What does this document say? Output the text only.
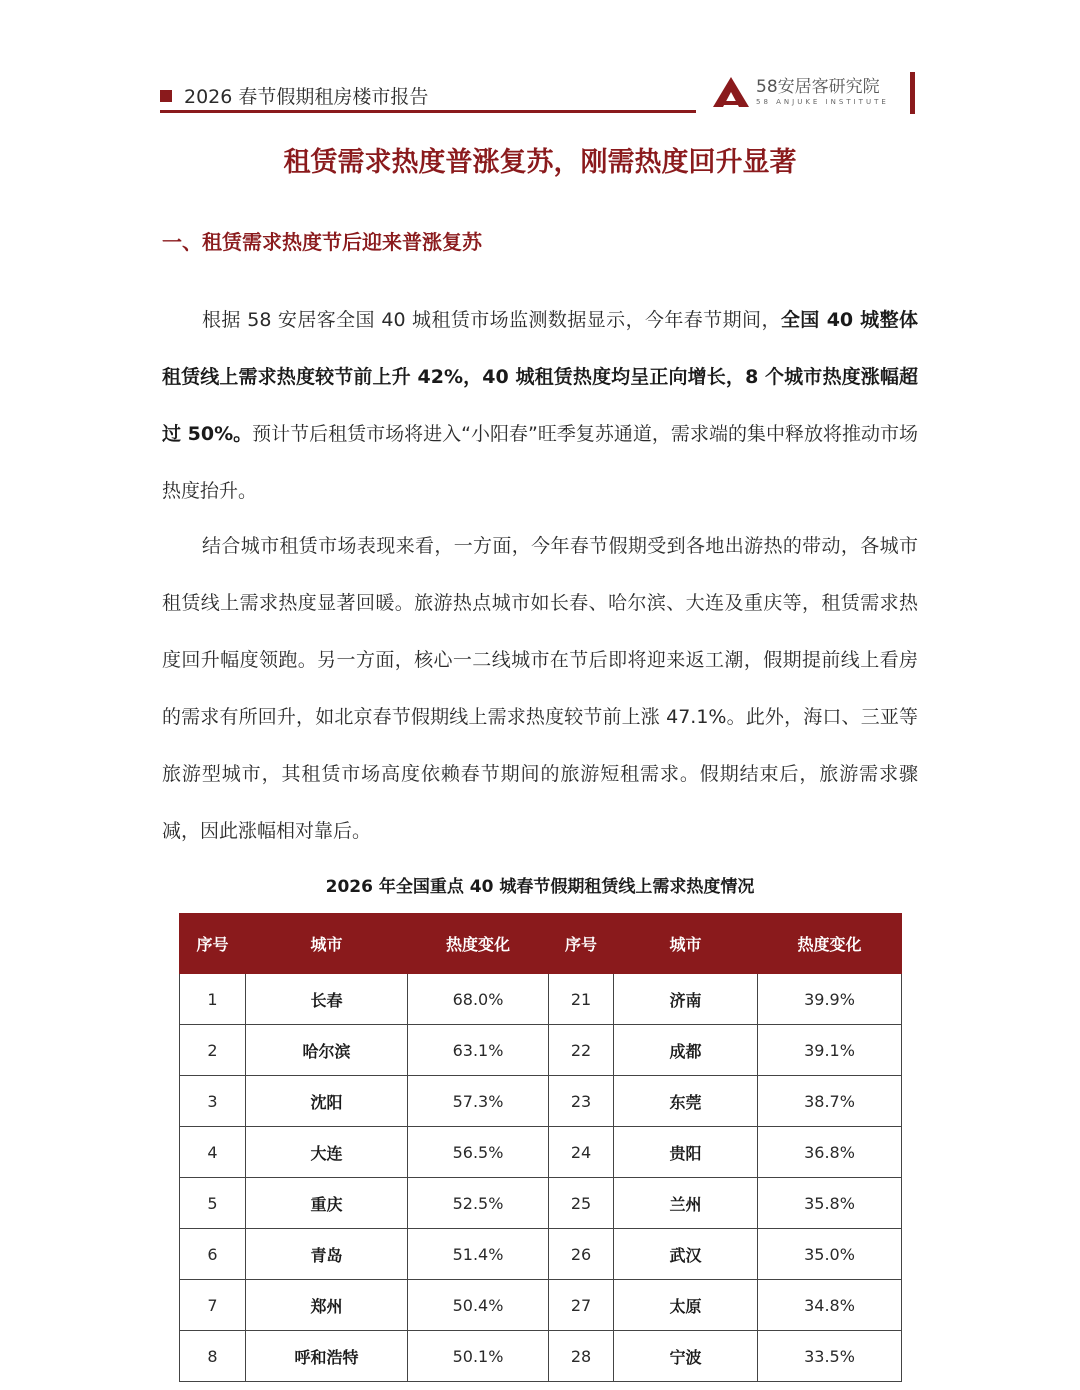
2026 春节假期租房楼市报告	58安居客研究院
58 ANJUKE INSTITUTE
租赁需求热度普涨复苏，刚需热度回升显著
一、租赁需求热度节后迎来普涨复苏

根据 58 安居客全国 40 城租赁市场监测数据显示，今年春节期间，全国 40 城整体租赁线上需求热度较节前上升 42%，40 城租赁热度均呈正向增长，8 个城市热度涨幅超过 50%。预计节后租赁市场将进入“小阳春”旺季复苏通道，需求端的集中释放将推动市场热度抬升。

结合城市租赁市场表现来看，一方面，今年春节假期受到各地出游热的带动，各城市租赁线上需求热度显著回暖。旅游热点城市如长春、哈尔滨、大连及重庆等，租赁需求热度回升幅度领跑。另一方面，核心一二线城市在节后即将迎来返工潮，假期提前线上看房的需求有所回升，如北京春节假期线上需求热度较节前上涨 47.1%。此外，海口、三亚等旅游型城市，其租赁市场高度依赖春节期间的旅游短租需求。假期结束后，旅游需求骤减，因此涨幅相对靠后。

2026 年全国重点 40 城春节假期租赁线上需求热度情况
序号	城市	热度变化	序号	城市	热度变化
1	长春	68.0%	21	济南	39.9%
2	哈尔滨	63.1%	22	成都	39.1%
3	沈阳	57.3%	23	东莞	38.7%
4	大连	56.5%	24	贵阳	36.8%
5	重庆	52.5%	25	兰州	35.8%
6	青岛	51.4%	26	武汉	35.0%
7	郑州	50.4%	27	太原	34.8%
8	呼和浩特	50.1%	28	宁波	33.5%
